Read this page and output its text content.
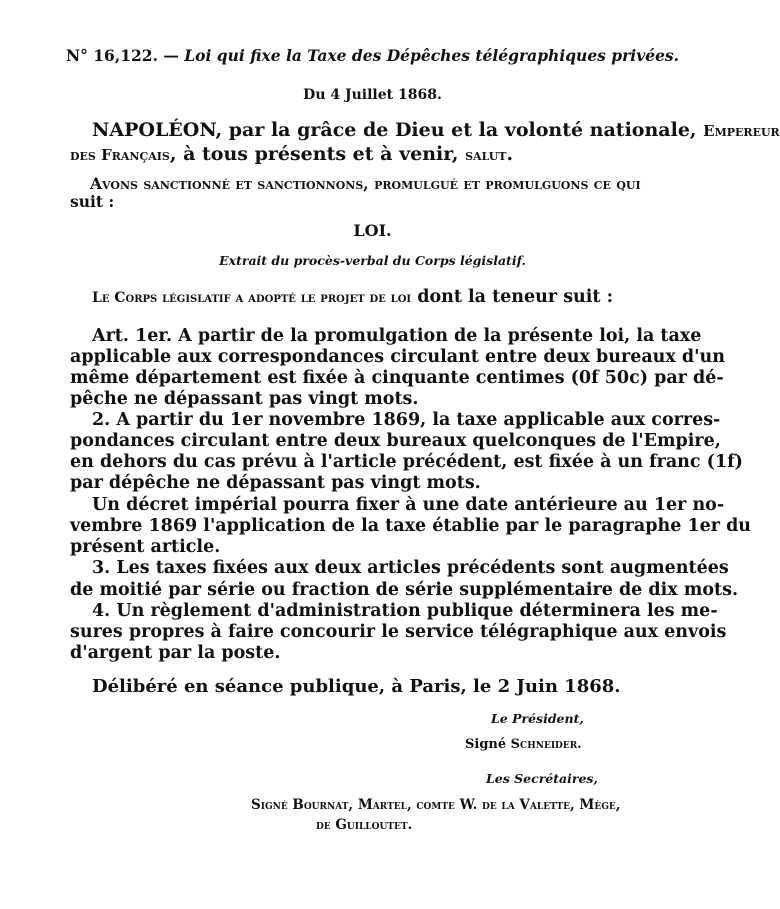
N° 16,122. — Loi qui fixe la Taxe des Dépêches télégraphiques privées.
Du 4 Juillet 1868.
NAPOLÉON, par la grâce de Dieu et la volonté nationale, Empereur
des Français, à tous présents et à venir, salut.
Avons sanctionné et sanctionnons, promulgué et promulguons ce qui
suit :
LOI.
Extrait du procès-verbal du Corps législatif.
Le Corps législatif a adopté le projet de loi dont la teneur suit :
Art. 1er. A partir de la promulgation de la présente loi, la taxe
applicable aux correspondances circulant entre deux bureaux d'un
même département est fixée à cinquante centimes (0f 50c) par dé-
pêche ne dépassant pas vingt mots.
2. A partir du 1er novembre 1869, la taxe applicable aux corres-
pondances circulant entre deux bureaux quelconques de l'Empire,
en dehors du cas prévu à l'article précédent, est fixée à un franc (1f)
par dépêche ne dépassant pas vingt mots.
Un décret impérial pourra fixer à une date antérieure au 1er no-
vembre 1869 l'application de la taxe établie par le paragraphe 1er du
présent article.
3. Les taxes fixées aux deux articles précédents sont augmentées
de moitié par série ou fraction de série supplémentaire de dix mots.
4. Un règlement d'administration publique déterminera les me-
sures propres à faire concourir le service télégraphique aux envois
d'argent par la poste.
Délibéré en séance publique, à Paris, le 2 Juin 1868.
Le Président,
Signé Schneider.
Les Secrétaires,
Signé Bournat, Martel, comte W. de la Valette, Mège,
de Guilloutet.
